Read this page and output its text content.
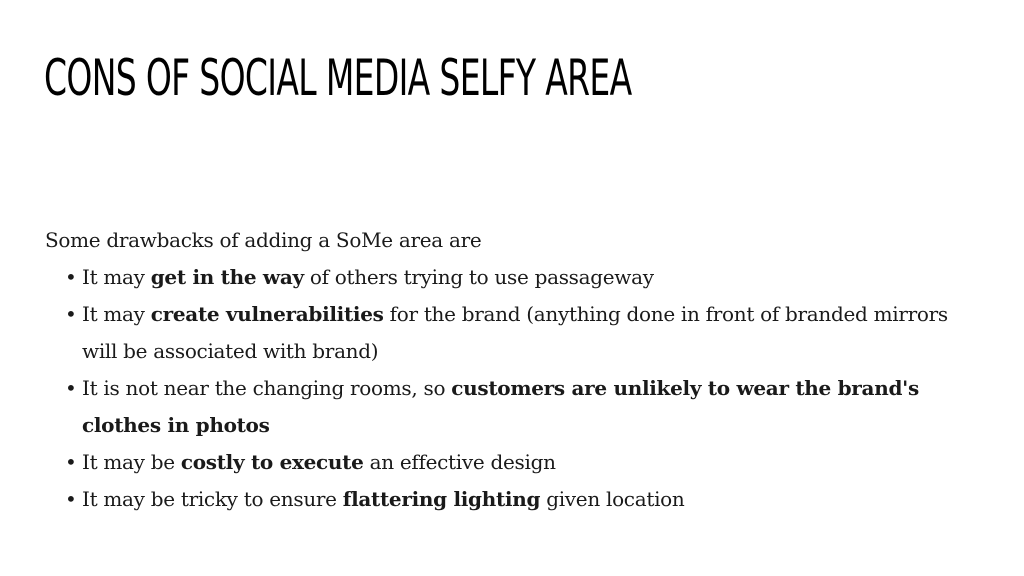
CONS OF SOCIAL MEDIA SELFY AREA

Some drawbacks of adding a SoMe area are

• It may get in the way of others trying to use passageway
• It may create vulnerabilities for the brand (anything done in front of branded mirrors will be associated with brand)
• It is not near the changing rooms, so customers are unlikely to wear the brand's clothes in photos
• It may be costly to execute an effective design
• It may be tricky to ensure flattering lighting given location
